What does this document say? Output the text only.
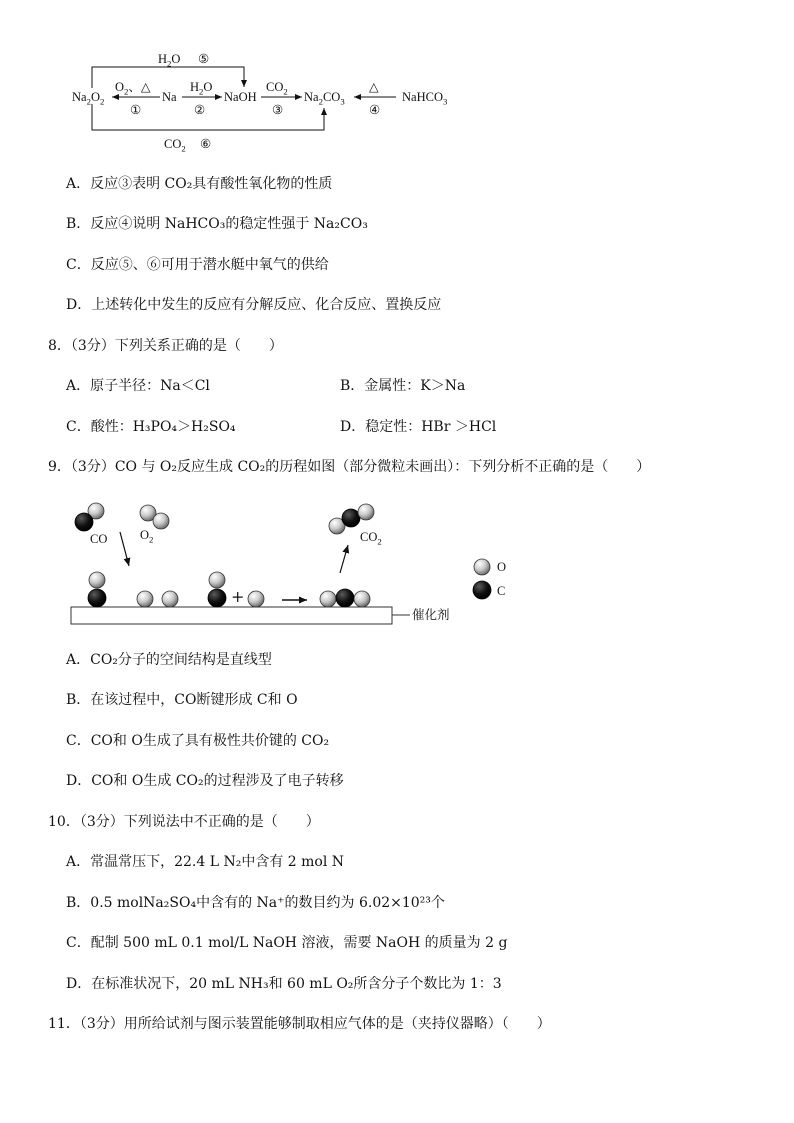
$Na_2O_2$	Na	NaOH	$Na_2CO_3$	NaHCO$_3$
$H_2O$ ⑤
$O_2$、△
①
$H_2O$
②
$CO_2$
③
△
④
$CO_2$ ⑥
A．反应③表明 CO₂具有酸性氧化物的性质
B．反应④说明 NaHCO₃的稳定性强于 Na₂CO₃
C．反应⑤、⑥可用于潜水艇中氧气的供给
D．上述转化中发生的反应有分解反应、化合反应、置换反应
8．（3分）下列关系正确的是（　　）
A．原子半径：Na＜Cl	B．金属性：K＞Na
C．酸性：H₃PO₄＞H₂SO₄	D．稳定性：HBr ＞HCl
9．（3分）CO 与 O₂反应生成 CO₂的历程如图（部分微粒未画出）：下列分析不正确的是（　　）
CO	$O_2$	$CO_2$
+
催化剂
O
C
A．CO₂分子的空间结构是直线型
B．在该过程中，CO断键形成 C和 O
C．CO和 O生成了具有极性共价键的 CO₂
D．CO和 O生成 CO₂的过程涉及了电子转移
10．（3分）下列说法中不正确的是（　　）
A．常温常压下，22.4 L N₂中含有 2 mol N
B．0.5 molNa₂SO₄中含有的 Na⁺的数目约为 6.02×10²³个
C．配制 500 mL 0.1 mol/L NaOH 溶液，需要 NaOH 的质量为 2 g
D．在标准状况下，20 mL NH₃和 60 mL O₂所含分子个数比为 1：3
11．（3分）用所给试剂与图示装置能够制取相应气体的是（夹持仪器略）（　　）
